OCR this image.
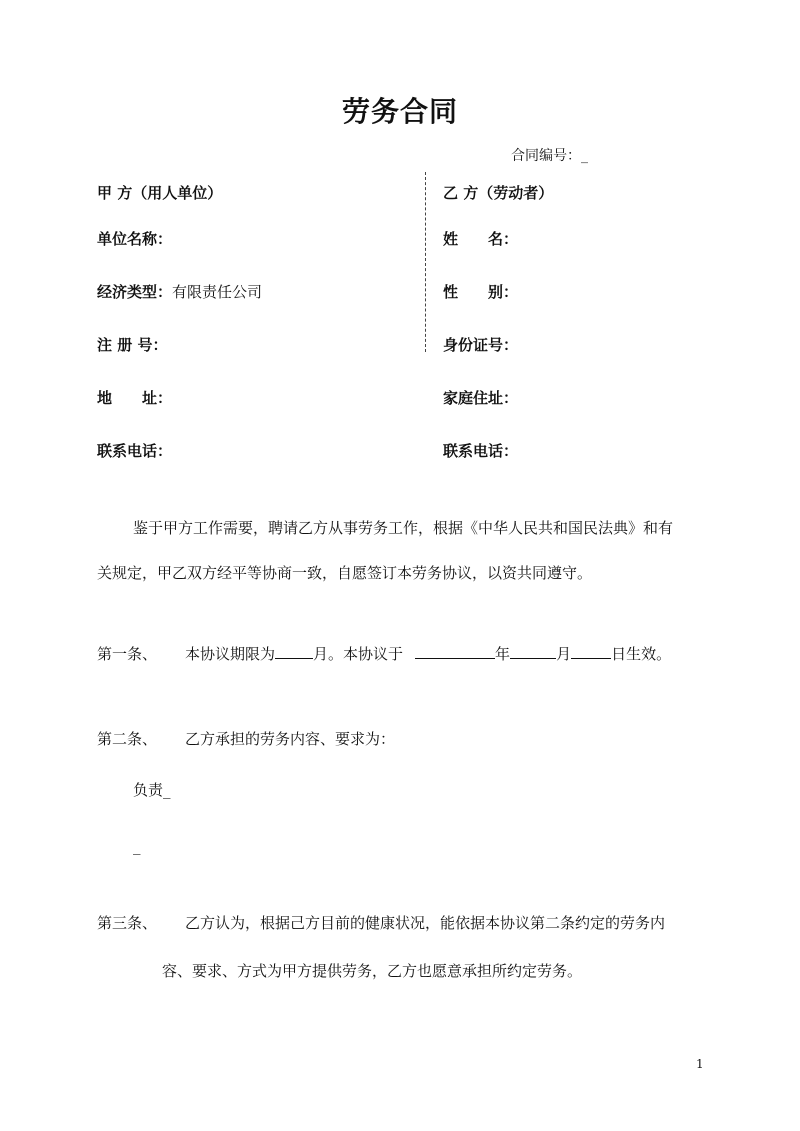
劳务合同
合同编号：_
甲 方（用人单位）
单位名称：
经济类型：有限责任公司
注 册 号：
地　　址：
联系电话：
乙 方（劳动者）
姓　　名：
性　　别：
身份证号：
家庭住址：
联系电话：
鉴于甲方工作需要，聘请乙方从事劳务工作，根据《中华人民共和国民法典》和有
关规定，甲乙双方经平等协商一致，自愿签订本劳务协议，以资共同遵守。
第一条、 本协议期限为	月。本协议于	年	月	日生效。
第二条、 乙方承担的劳务内容、要求为：
负责_
_
第三条、 乙方认为，根据己方目前的健康状况，能依据本协议第二条约定的劳务内
容、要求、方式为甲方提供劳务，乙方也愿意承担所约定劳务。
1
